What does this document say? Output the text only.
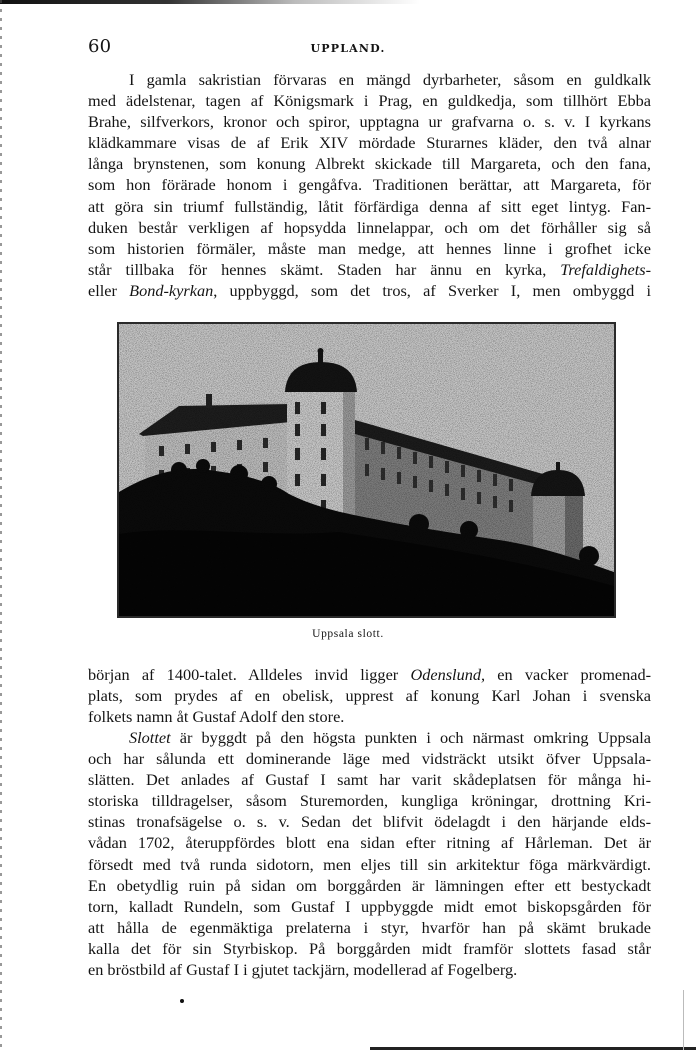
60	UPPLAND.
I gamla sakristian förvaras en mängd dyrbarheter, såsom en guldkalk
med ädelstenar, tagen af Königsmark i Prag, en guldkedja, som tillhört Ebba
Brahe, silfverkors, kronor och spiror, upptagna ur grafvarna o. s. v. I kyrkans
klädkammare visas de af Erik XIV mördade Sturarnes kläder, den två alnar
långa brynstenen, som konung Albrekt skickade till Margareta, och den fana,
som hon förärade honom i gengåfva. Traditionen berättar, att Margareta, för
att göra sin triumf fullständig, låtit förfärdiga denna af sitt eget lintyg. Fan-
duken består verkligen af hopsydda linnelappar, och om det förhåller sig så
som historien förmäler, måste man medge, att hennes linne i grofhet icke
står tillbaka för hennes skämt. Staden har ännu en kyrka, Trefaldighets-
eller Bond-kyrkan, uppbyggd, som det tros, af Sverker I, men ombyggd i
Uppsala slott.
början af 1400-talet. Alldeles invid ligger Odenslund, en vacker promenad-
plats, som prydes af en obelisk, upprest af konung Karl Johan i svenska
folkets namn åt Gustaf Adolf den store.
Slottet är byggdt på den högsta punkten i och närmast omkring Uppsala
och har sålunda ett dominerande läge med vidsträckt utsikt öfver Uppsala-
slätten. Det anlades af Gustaf I samt har varit skådeplatsen för många hi-
storiska tilldragelser, såsom Sturemorden, kungliga kröningar, drottning Kri-
stinas tronafsägelse o. s. v. Sedan det blifvit ödelagdt i den härjande elds-
vådan 1702, återuppfördes blott ena sidan efter ritning af Hårleman. Det är
försedt med två runda sidotorn, men eljes till sin arkitektur föga märkvärdigt.
En obetydlig ruin på sidan om borggården är lämningen efter ett bestyckadt
torn, kalladt Rundeln, som Gustaf I uppbyggde midt emot biskopsgården för
att hålla de egenmäktiga prelaterna i styr, hvarför han på skämt brukade
kalla det för sin Styrbiskop. På borggården midt framför slottets fasad står
en bröstbild af Gustaf I i gjutet tackjärn, modellerad af Fogelberg.
